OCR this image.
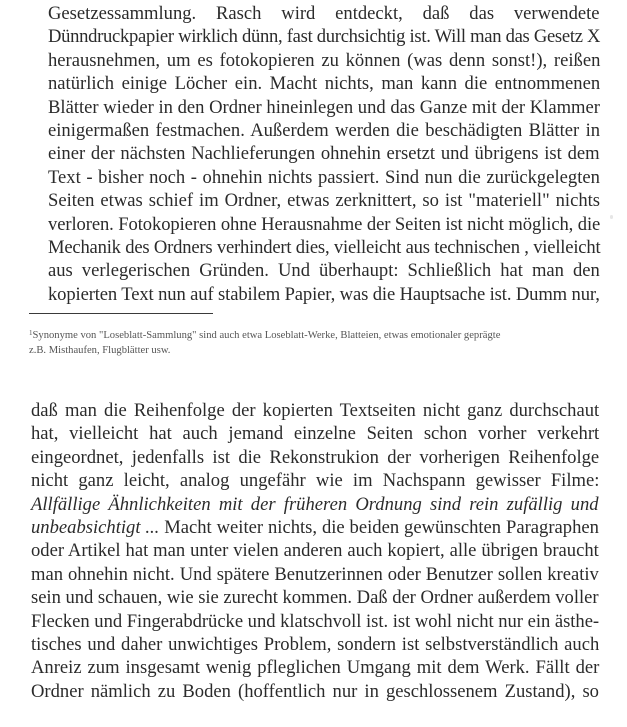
Gesetzessammlung. Rasch wird entdeckt, daß das verwendete
Dünndruckpapier wirklich dünn, fast durchsichtig ist. Will man das Gesetz X
herausnehmen, um es fotokopieren zu können (was denn sonst!), reißen
natürlich einige Löcher ein. Macht nichts, man kann die entnommenen
Blätter wieder in den Ordner hineinlegen und das Ganze mit der Klammer
einigermaßen festmachen. Außerdem werden die beschädigten Blätter in
einer der nächsten Nachlieferungen ohnehin ersetzt und übrigens ist dem
Text - bisher noch - ohnehin nichts passiert. Sind nun die zurückgelegten
Seiten etwas schief im Ordner, etwas zerknittert, so ist "materiell" nichts
verloren. Fotokopieren ohne Herausnahme der Seiten ist nicht möglich, die
Mechanik des Ordners verhindert dies, vielleicht aus technischen , vielleicht
aus verlegerischen Gründen. Und überhaupt: Schließlich hat man den
kopierten Text nun auf stabilem Papier, was die Hauptsache ist. Dumm nur,
$^1$Synonyme von "Loseblatt-Sammlung" sind auch etwa Loseblatt-Werke, Blatteien, etwas emotionaler geprägte
z.B. Misthaufen, Flugblätter usw.
daß man die Reihenfolge der kopierten Textseiten nicht ganz durchschaut
hat, vielleicht hat auch jemand einzelne Seiten schon vorher verkehrt
eingeordnet, jedenfalls ist die Rekonstrukion der vorherigen Reihenfolge
nicht ganz leicht, analog ungefähr wie im Nachspann gewisser Filme:
Allfällige Ähnlichkeiten mit der früheren Ordnung sind rein zufällig und
unbeabsichtigt ... Macht weiter nichts, die beiden gewünschten Paragraphen
oder Artikel hat man unter vielen anderen auch kopiert, alle übrigen braucht
man ohnehin nicht. Und spätere Benutzerinnen oder Benutzer sollen kreativ
sein und schauen, wie sie zurecht kommen. Daß der Ordner außerdem voller
Flecken und Fingerabdrücke und klatschvoll ist. ist wohl nicht nur ein ästhe-
tisches und daher unwichtiges Problem, sondern ist selbstverständlich auch
Anreiz zum insgesamt wenig pfleglichen Umgang mit dem Werk. Fällt der
Ordner nämlich zu Boden (hoffentlich nur in geschlossenem Zustand), so
